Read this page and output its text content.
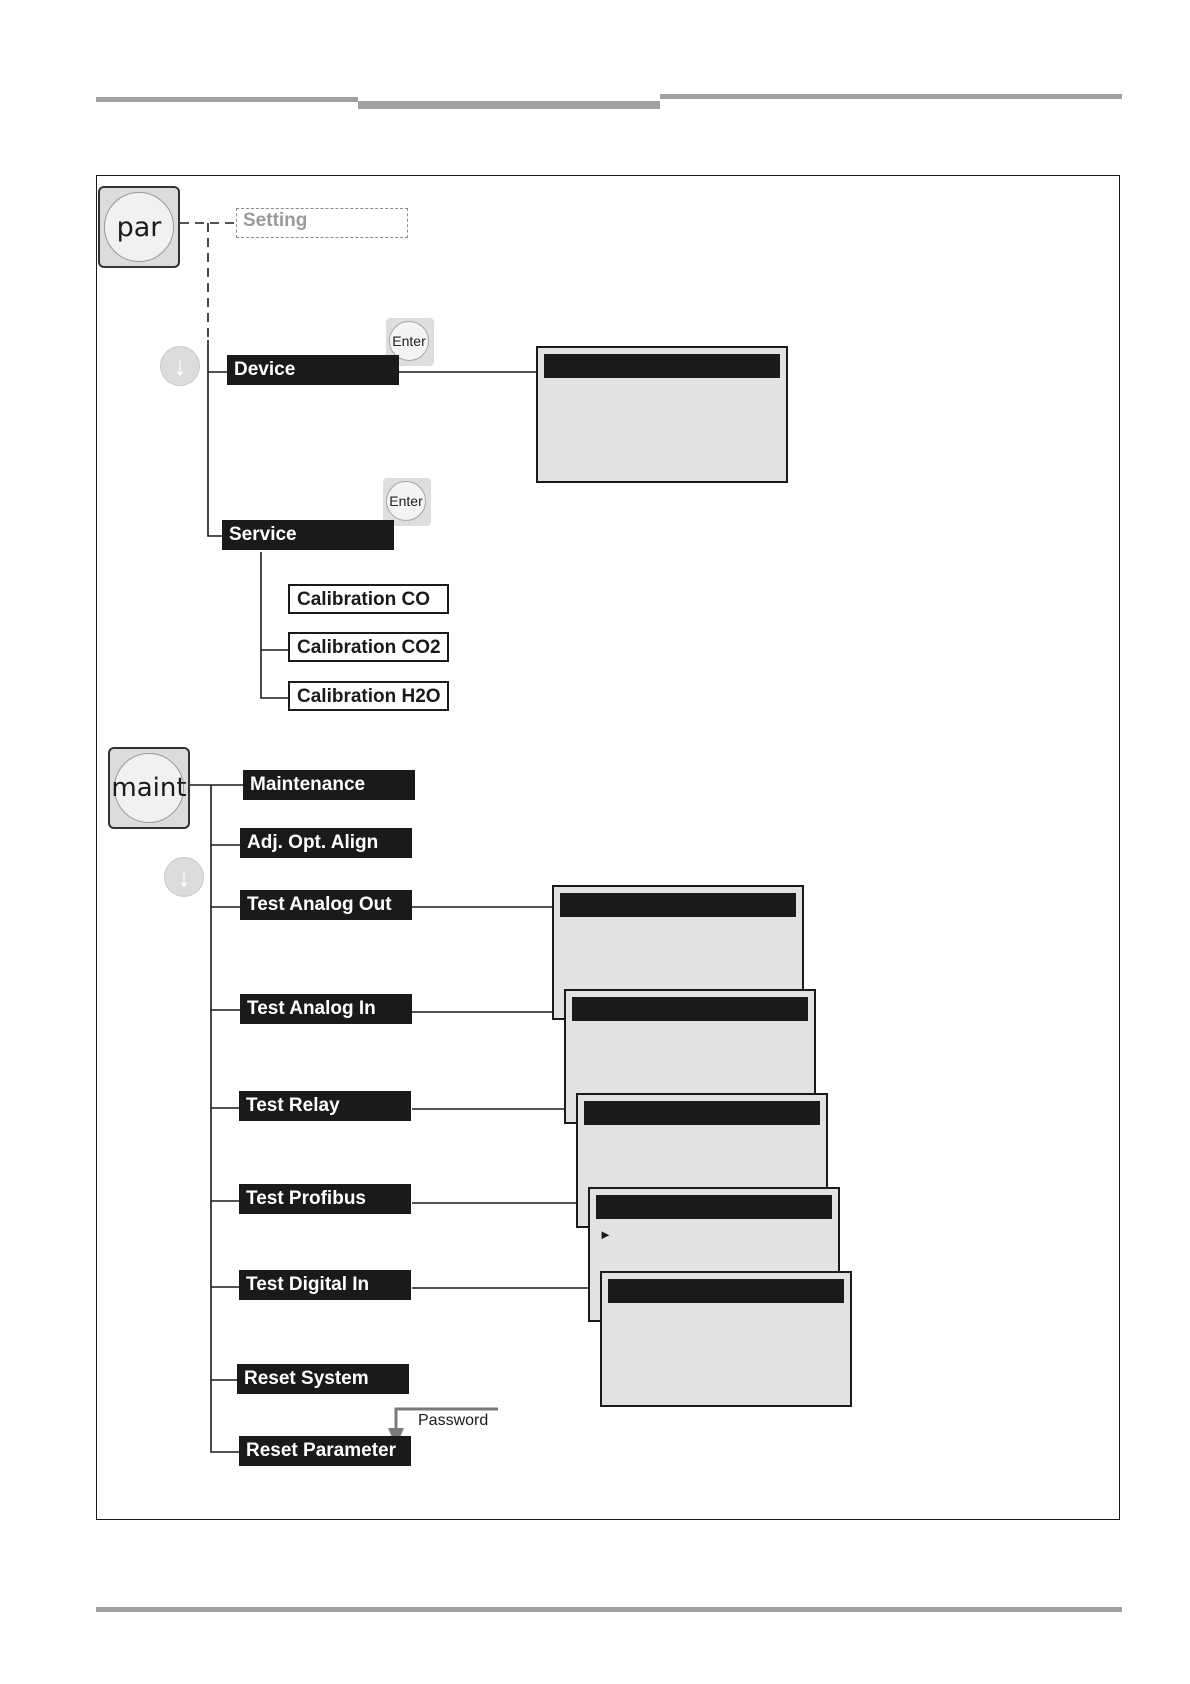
par	Setting
↓
↓
Enter
Enter
Device
Service
Calibration CO
Calibration CO2
Calibration H2O
maint	Maintenance
Adj. Opt. Align
Test Analog Out
Test Analog In
Test Relay
Test Profibus
Test Digital In
Reset System
Reset Parameter
Password
►
